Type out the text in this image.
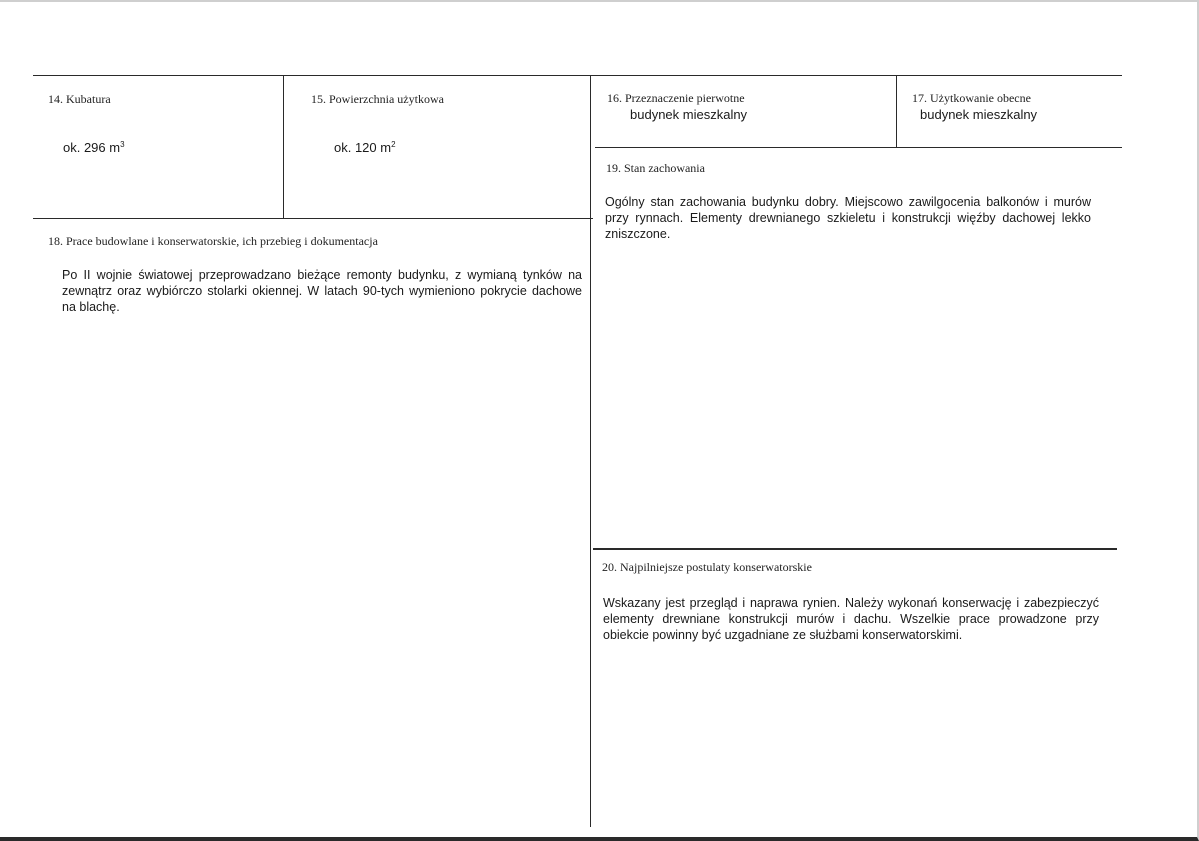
14. Kubatura
ok. 296 $m^3$
15. Powierzchnia użytkowa
ok. 120 $m^2$
16. Przeznaczenie pierwotne
budynek mieszkalny
17. Użytkowanie obecne
budynek mieszkalny
18. Prace budowlane i konserwatorskie, ich przebieg i dokumentacja
Po II wojnie światowej przeprowadzano bieżące remonty budynku, z wymianą tynków na zewnątrz oraz wybiórczo stolarki okiennej. W latach 90-tych wymieniono pokrycie dachowe na blachę.
19. Stan zachowania
Ogólny stan zachowania budynku dobry. Miejscowo zawilgocenia balkonów i murów przy rynnach. Elementy drewnianego szkieletu i konstrukcji więźby dachowej lekko zniszczone.
20. Najpilniejsze postulaty konserwatorskie
Wskazany jest przegląd i naprawa rynien. Należy wykonań konserwację i zabezpieczyć elementy drewniane konstrukcji murów i dachu. Wszelkie prace prowadzone przy obiekcie powinny być uzgadniane ze służbami konserwatorskimi.
